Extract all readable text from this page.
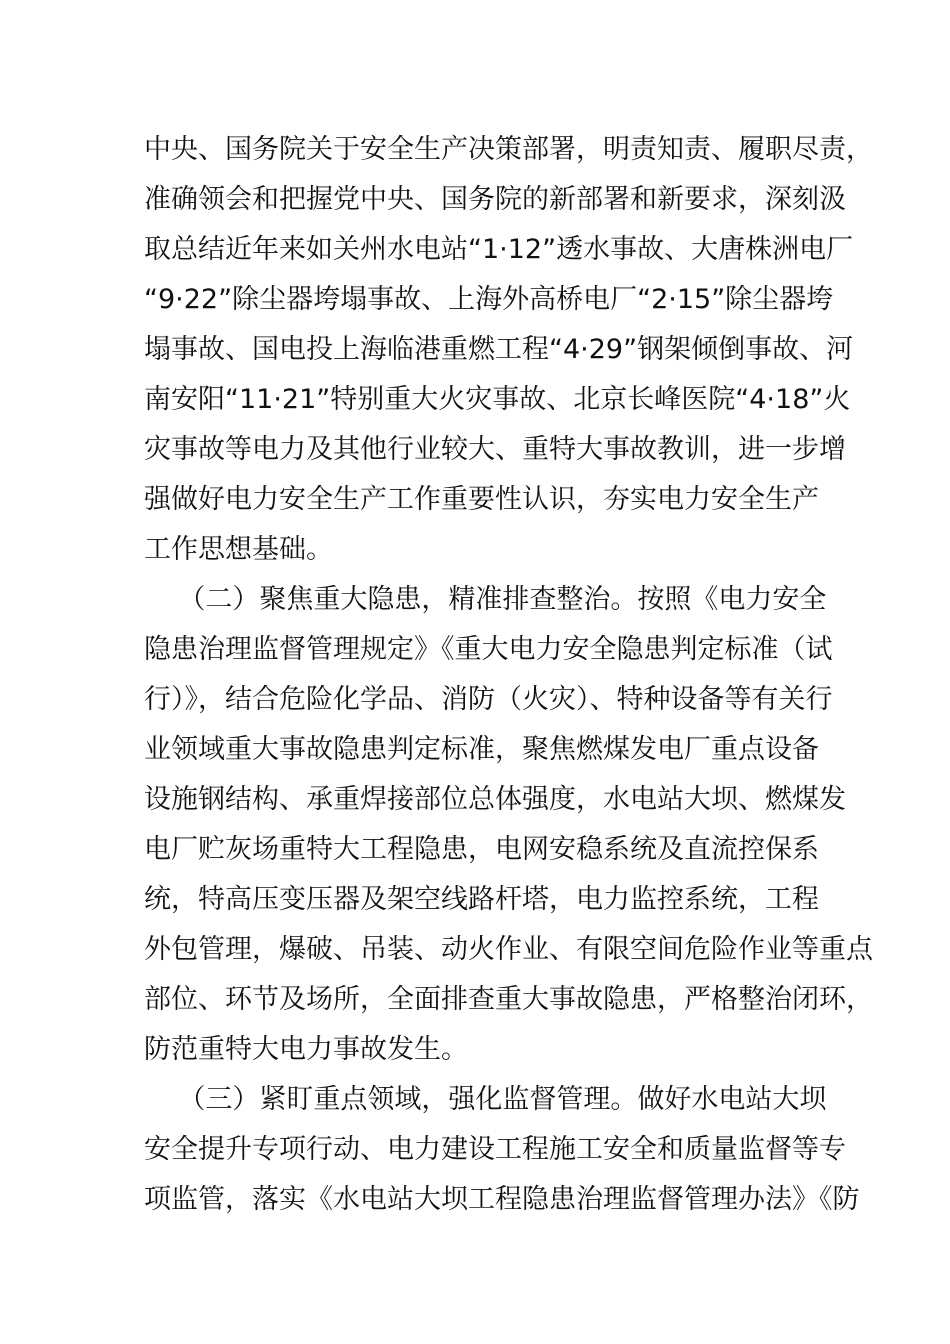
中央、国务院关于安全生产决策部署，明责知责、履职尽责，
准确领会和把握党中央、国务院的新部署和新要求，深刻汲
取总结近年来如关州水电站“1·12”透水事故、大唐株洲电厂
“9·22”除尘器垮塌事故、上海外高桥电厂“2·15”除尘器垮
塌事故、国电投上海临港重燃工程“4·29”钢架倾倒事故、河
南安阳“11·21”特别重大火灾事故、北京长峰医院“4·18”火
灾事故等电力及其他行业较大、重特大事故教训，进一步增
强做好电力安全生产工作重要性认识，夯实电力安全生产
工作思想基础。
（二）聚焦重大隐患，精准排查整治。按照《电力安全
隐患治理监督管理规定》《重大电力安全隐患判定标准（试
行）》，结合危险化学品、消防（火灾）、特种设备等有关行
业领域重大事故隐患判定标准，聚焦燃煤发电厂重点设备
设施钢结构、承重焊接部位总体强度，水电站大坝、燃煤发
电厂贮灰场重特大工程隐患，电网安稳系统及直流控保系
统，特高压变压器及架空线路杆塔，电力监控系统，工程
外包管理，爆破、吊装、动火作业、有限空间危险作业等重点
部位、环节及场所，全面排查重大事故隐患，严格整治闭环，
防范重特大电力事故发生。
（三）紧盯重点领域，强化监督管理。做好水电站大坝
安全提升专项行动、电力建设工程施工安全和质量监督等专
项监管，落实《水电站大坝工程隐患治理监督管理办法》《防
